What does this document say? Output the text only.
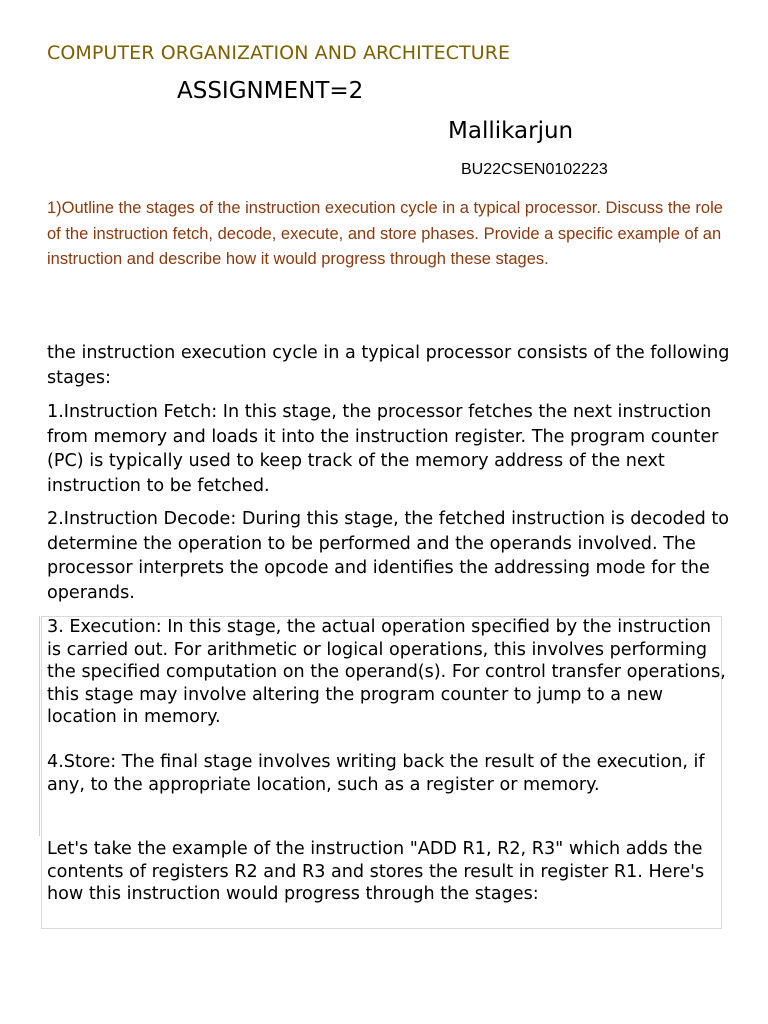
COMPUTER ORGANIZATION AND ARCHITECTURE
ASSIGNMENT=2
Mallikarjun
BU22CSEN0102223

1)Outline the stages of the instruction execution cycle in a typical processor. Discuss the role of the instruction fetch, decode, execute, and store phases. Provide a specific example of an instruction and describe how it would progress through these stages.

the instruction execution cycle in a typical processor consists of the following stages:

1.Instruction Fetch: In this stage, the processor fetches the next instruction from memory and loads it into the instruction register. The program counter (PC) is typically used to keep track of the memory address of the next instruction to be fetched.

2.Instruction Decode: During this stage, the fetched instruction is decoded to determine the operation to be performed and the operands involved. The processor interprets the opcode and identifies the addressing mode for the operands.

3. Execution: In this stage, the actual operation specified by the instruction is carried out. For arithmetic or logical operations, this involves performing the specified computation on the operand(s). For control transfer operations, this stage may involve altering the program counter to jump to a new location in memory.

4.Store: The final stage involves writing back the result of the execution, if any, to the appropriate location, such as a register or memory.

Let's take the example of the instruction "ADD R1, R2, R3" which adds the contents of registers R2 and R3 and stores the result in register R1. Here's how this instruction would progress through the stages:
